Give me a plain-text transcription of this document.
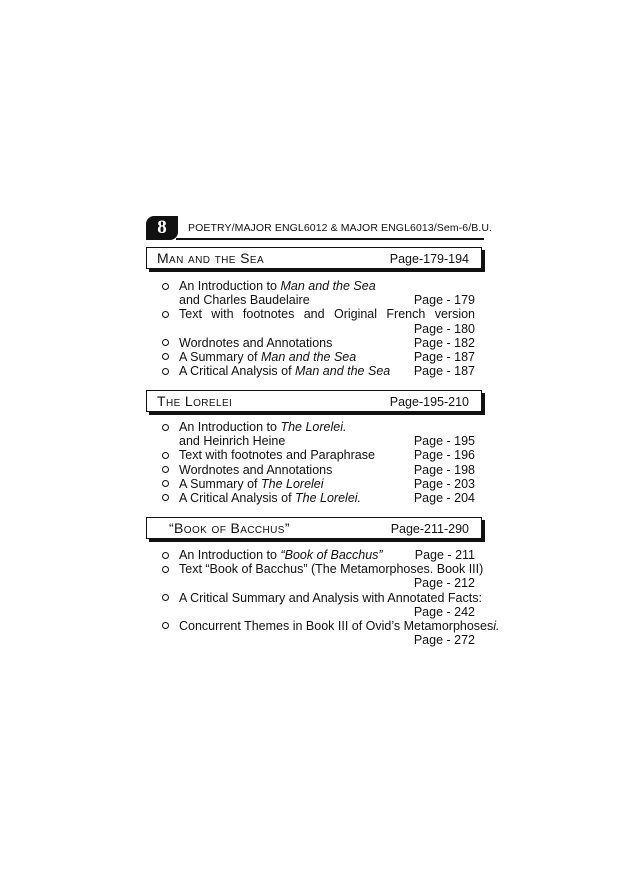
8	POETRY/MAJOR ENGL6012 & MAJOR ENGL6013/Sem-6/B.U.
Man and the Sea	Page-179-194
An Introduction to Man and the Sea
and Charles Baudelaire	Page - 179
Text with footnotes and Original French version
Page - 180
Wordnotes and Annotations	Page - 182
A Summary of Man and the Sea	Page - 187
A Critical Analysis of Man and the Sea Page - 187
The Lorelei	Page-195-210
An Introduction to The Lorelei.
and Heinrich Heine	Page - 195
Text with footnotes and Paraphrase	Page - 196
Wordnotes and Annotations	Page - 198
A Summary of The Lorelei	Page - 203
A Critical Analysis of The Lorelei.	Page - 204
“Book of Bacchus”	Page-211-290
An Introduction to “Book of Bacchus”	Page - 211
Text “Book of Bacchus” (The Metamorphoses. Book III)
Page - 212
A Critical Summary and Analysis with Annotated Facts:
Page - 242
Concurrent Themes in Book III of Ovid’s Metamorphosesi.
Page - 272
